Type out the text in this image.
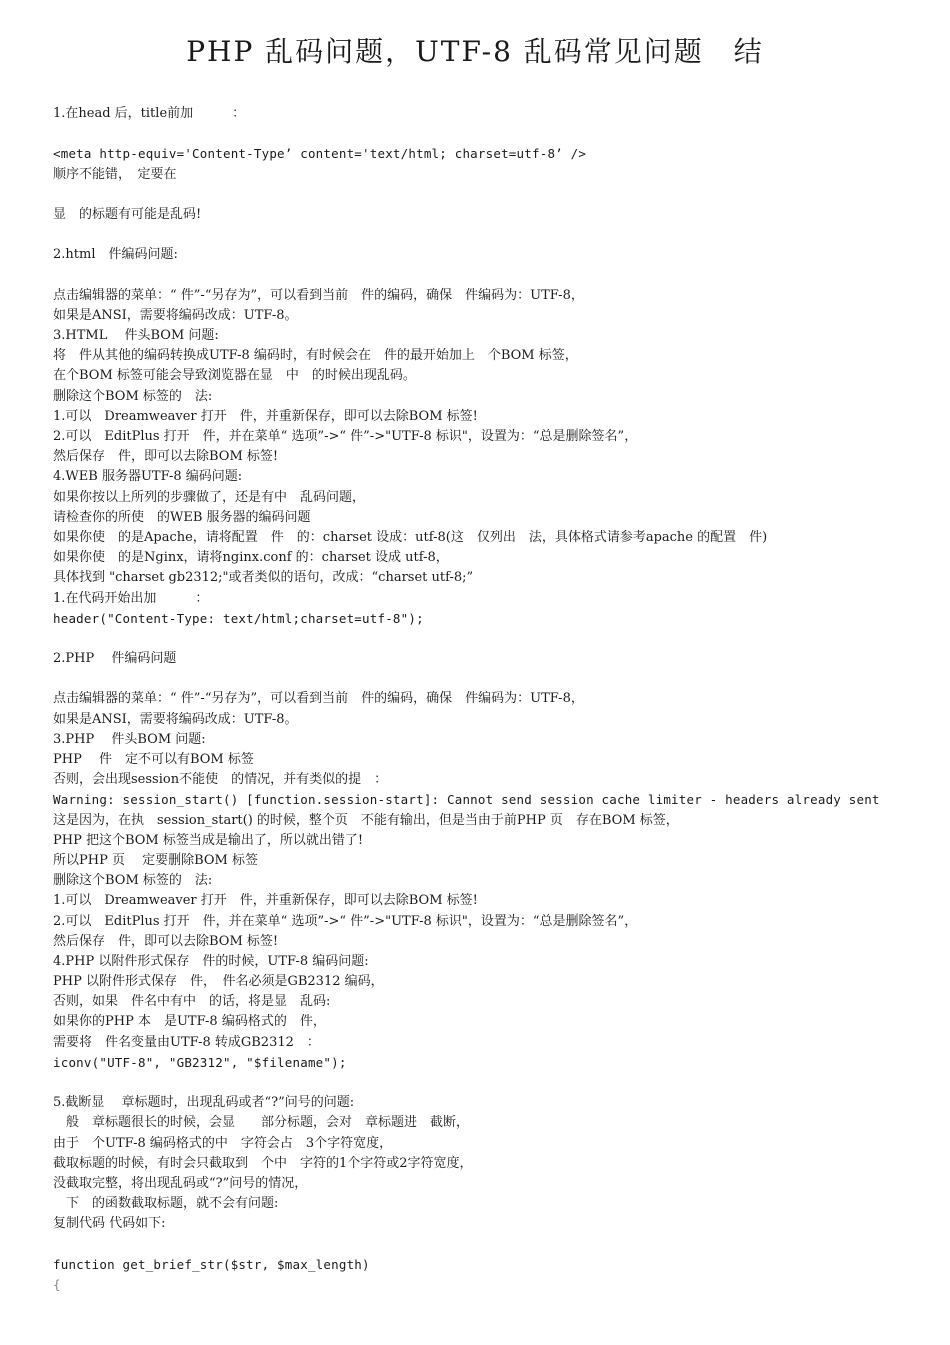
PHP 乱码问题，UTF-8 乱码常见问题　结
1.在head 后，title前加　　　：
<meta http-equiv='Content-Type’ content='text/html; charset=utf-8’ />
顺序不能错，　定要在
显　的标题有可能是乱码!
2.html　件编码问题:
点击编辑器的菜单：“ 件”-“另存为”，可以看到当前　件的编码，确保　件编码为：UTF-8，
如果是ANSI，需要将编码改成：UTF-8。
3.HTML　 件头BOM 问题:
将　件从其他的编码转换成UTF-8 编码时，有时候会在　件的最开始加上　个BOM 标签，
在个BOM 标签可能会导致浏览器在显　中　的时候出现乱码。
删除这个BOM 标签的　法:
1.可以　Dreamweaver 打开　件，并重新保存，即可以去除BOM 标签!
2.可以　EditPlus 打开　件，并在菜单“ 选项”->“ 件”->"UTF-8 标识"，设置为：“总是删除签名”，
然后保存　件，即可以去除BOM 标签!
4.WEB 服务器UTF-8 编码问题:
如果你按以上所列的步骤做了，还是有中　乱码问题，
请检查你的所使　的WEB 服务器的编码问题
如果你使　的是Apache，请将配置　件　的：charset 设成：utf-8(这　仅列出　法，具体格式请参考apache 的配置　件)
如果你使　的是Nginx，请将nginx.conf 的：charset 设成 utf-8，
具体找到 "charset gb2312;"或者类似的语句，改成：“charset utf-8;”
1.在代码开始出加　　　：
header("Content-Type: text/html;charset=utf-8");
2.PHP　 件编码问题
点击编辑器的菜单：“ 件”-“另存为”，可以看到当前　件的编码，确保　件编码为：UTF-8，
如果是ANSI，需要将编码改成：UTF-8。
3.PHP　 件头BOM 问题:
PHP　 件　定不可以有BOM 标签
否则，会出现session不能使　的情况，并有类似的提　：
Warning: session_start() [function.session-start]: Cannot send session cache limiter - headers already sent
这是因为，在执　session_start() 的时候，整个页　不能有输出，但是当由于前PHP 页　存在BOM 标签，
PHP 把这个BOM 标签当成是输出了，所以就出错了!
所以PHP 页　 定要删除BOM 标签
删除这个BOM 标签的　法:
1.可以　Dreamweaver 打开　件，并重新保存，即可以去除BOM 标签!
2.可以　EditPlus 打开　件，并在菜单“ 选项”->“ 件”->"UTF-8 标识"，设置为：“总是删除签名”，
然后保存　件，即可以去除BOM 标签!
4.PHP 以附件形式保存　件的时候，UTF-8 编码问题:
PHP 以附件形式保存　件，　件名必须是GB2312 编码，
否则，如果　件名中有中　的话，将是显　乱码:
如果你的PHP 本　是UTF-8 编码格式的　件，
需要将　件名变量由UTF-8 转成GB2312　：
iconv("UTF-8", "GB2312", "$filename");
5.截断显　 章标题时，出现乱码或者“?”问号的问题:
　般　章标题很长的时候，会显　　部分标题，会对　章标题进　截断，
由于　个UTF-8 编码格式的中　字符会占　3个字符宽度，
截取标题的时候，有时会只截取到　个中　字符的1个字符或2字符宽度，
没截取完整，将出现乱码或“?”问号的情况，
　下　的函数截取标题，就不会有问题:
复制代码 代码如下:
function get_brief_str($str, $max_length)
{
